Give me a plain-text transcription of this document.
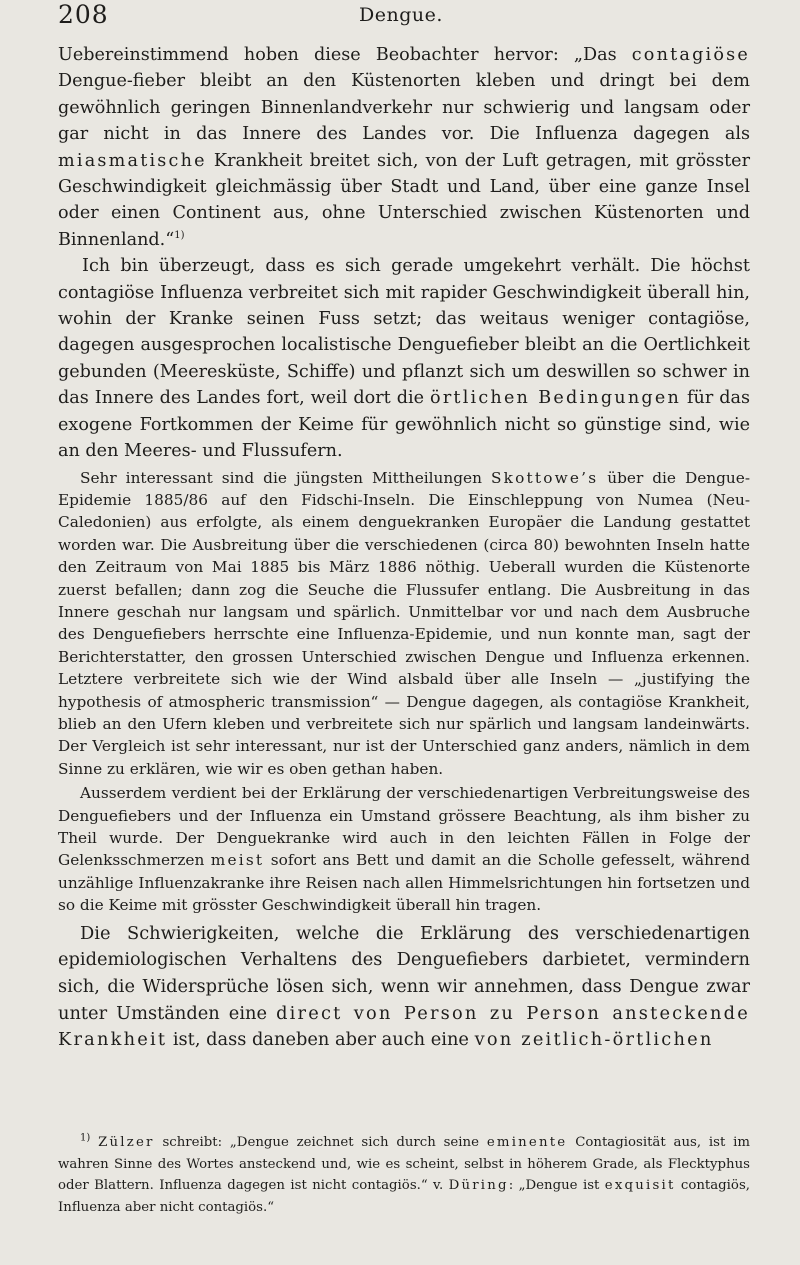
208	Dengue.

Uebereinstimmend hoben diese Beobachter hervor: „Das contagiöse Dengue-fieber bleibt an den Küstenorten kleben und dringt bei dem gewöhnlich geringen Binnenlandverkehr nur schwierig und langsam oder gar nicht in das Innere des Landes vor. Die Influenza dagegen als miasmatische Krankheit breitet sich, von der Luft getragen, mit grösster Geschwindigkeit gleichmässig über Stadt und Land, über eine ganze Insel oder einen Continent aus, ohne Unterschied zwischen Küstenorten und Binnenland.“$^{1)}$

Ich bin überzeugt, dass es sich gerade umgekehrt verhält. Die höchst contagiöse Influenza verbreitet sich mit rapider Geschwindigkeit überall hin, wohin der Kranke seinen Fuss setzt; das weitaus weniger contagiöse, dagegen ausgesprochen localistische Denguefieber bleibt an die Oertlichkeit gebunden (Meeresküste, Schiffe) und pflanzt sich um deswillen so schwer in das Innere des Landes fort, weil dort die örtlichen Bedingungen für das exogene Fortkommen der Keime für gewöhnlich nicht so günstige sind, wie an den Meeres- und Flussufern.

Sehr interessant sind die jüngsten Mittheilungen Skottowe’s über die Dengue-Epidemie 1885/86 auf den Fidschi-Inseln. Die Einschleppung von Numea (Neu-Caledonien) aus erfolgte, als einem denguekranken Europäer die Landung gestattet worden war. Die Ausbreitung über die verschiedenen (circa 80) bewohnten Inseln hatte den Zeitraum von Mai 1885 bis März 1886 nöthig. Ueberall wurden die Küstenorte zuerst befallen; dann zog die Seuche die Flussufer entlang. Die Ausbreitung in das Innere geschah nur langsam und spärlich. Unmittelbar vor und nach dem Ausbruche des Denguefiebers herrschte eine Influenza-Epidemie, und nun konnte man, sagt der Berichterstatter, den grossen Unterschied zwischen Dengue und Influenza erkennen. Letztere verbreitete sich wie der Wind alsbald über alle Inseln — „justifying the hypothesis of atmospheric transmission“ — Dengue dagegen, als contagiöse Krankheit, blieb an den Ufern kleben und verbreitete sich nur spärlich und langsam landeinwärts. Der Vergleich ist sehr interessant, nur ist der Unterschied ganz anders, nämlich in dem Sinne zu erklären, wie wir es oben gethan haben.

Ausserdem verdient bei der Erklärung der verschiedenartigen Verbreitungsweise des Denguefiebers und der Influenza ein Umstand grössere Beachtung, als ihm bisher zu Theil wurde. Der Denguekranke wird auch in den leichten Fällen in Folge der Gelenksschmerzen meist sofort ans Bett und damit an die Scholle gefesselt, während unzählige Influenzakranke ihre Reisen nach allen Himmelsrichtungen hin fortsetzen und so die Keime mit grösster Geschwindigkeit überall hin tragen.

Die Schwierigkeiten, welche die Erklärung des verschiedenartigen epidemiologischen Verhaltens des Denguefiebers darbietet, vermindern sich, die Widersprüche lösen sich, wenn wir annehmen, dass Dengue zwar unter Umständen eine direct von Person zu Person ansteckende Krankheit ist, dass daneben aber auch eine von zeitlich-örtlichen

$^{1)}$ Zülzer schreibt: „Dengue zeichnet sich durch seine eminente Contagiosität aus, ist im wahren Sinne des Wortes ansteckend und, wie es scheint, selbst in höherem Grade, als Flecktyphus oder Blattern. Influenza dagegen ist nicht contagiös.“ v. Düring: „Dengue ist exquisit contagiös, Influenza aber nicht contagiös.“
